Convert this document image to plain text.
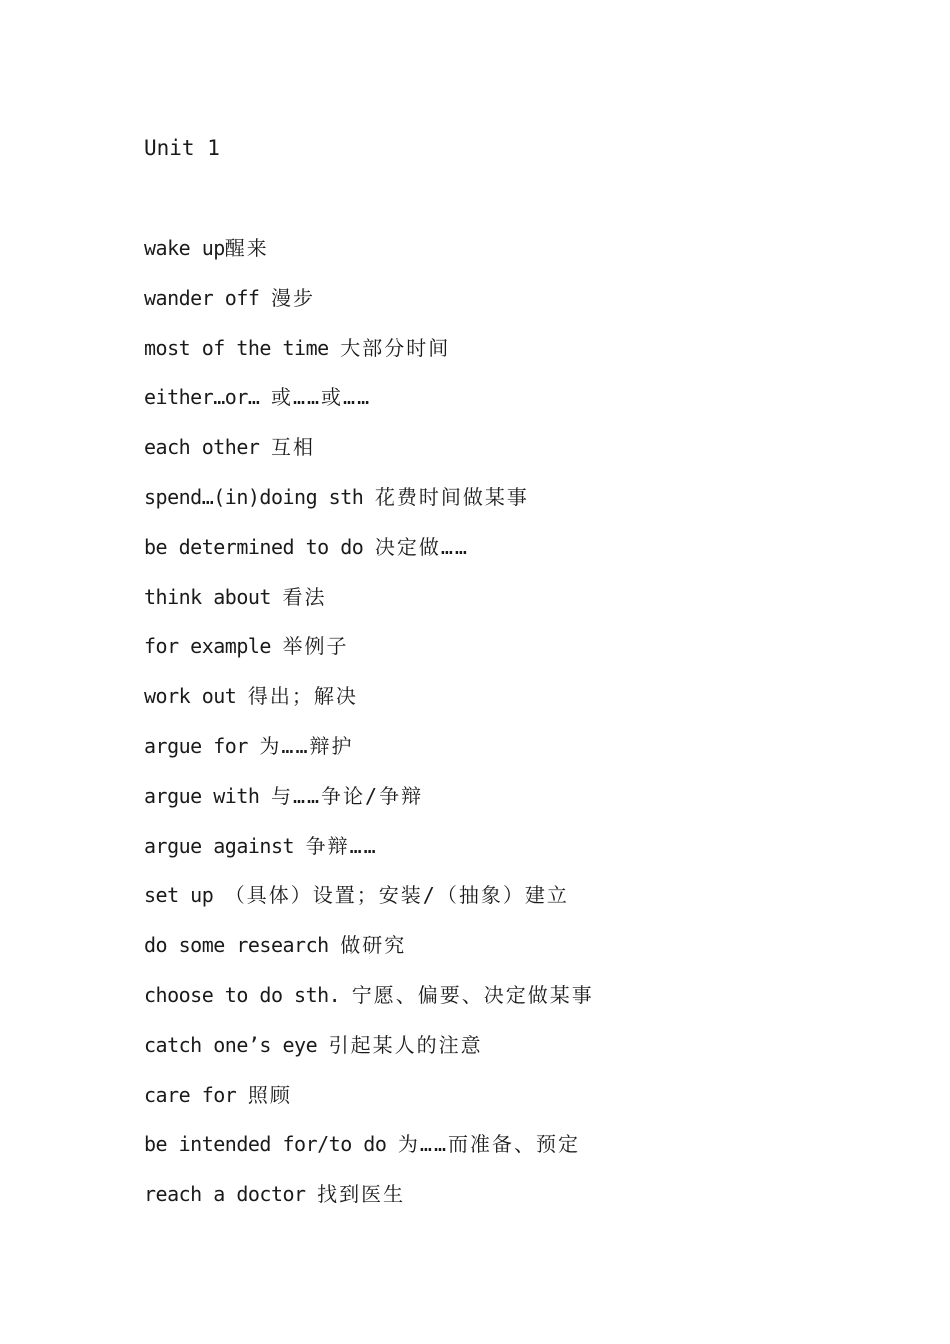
Unit 1
wake up醒来
wander off 漫步
most of the time 大部分时间
either…or… 或……或……
each other 互相
spend…(in)doing sth 花费时间做某事
be determined to do 决定做……
think about 看法
for example 举例子
work out 得出；解决
argue for 为……辩护
argue with 与……争论/争辩
argue against 争辩……
set up （具体）设置；安装/（抽象）建立
do some research 做研究
choose to do sth. 宁愿、偏要、决定做某事
catch one’s eye 引起某人的注意
care for 照顾
be intended for/to do 为……而准备、预定
reach a doctor 找到医生
